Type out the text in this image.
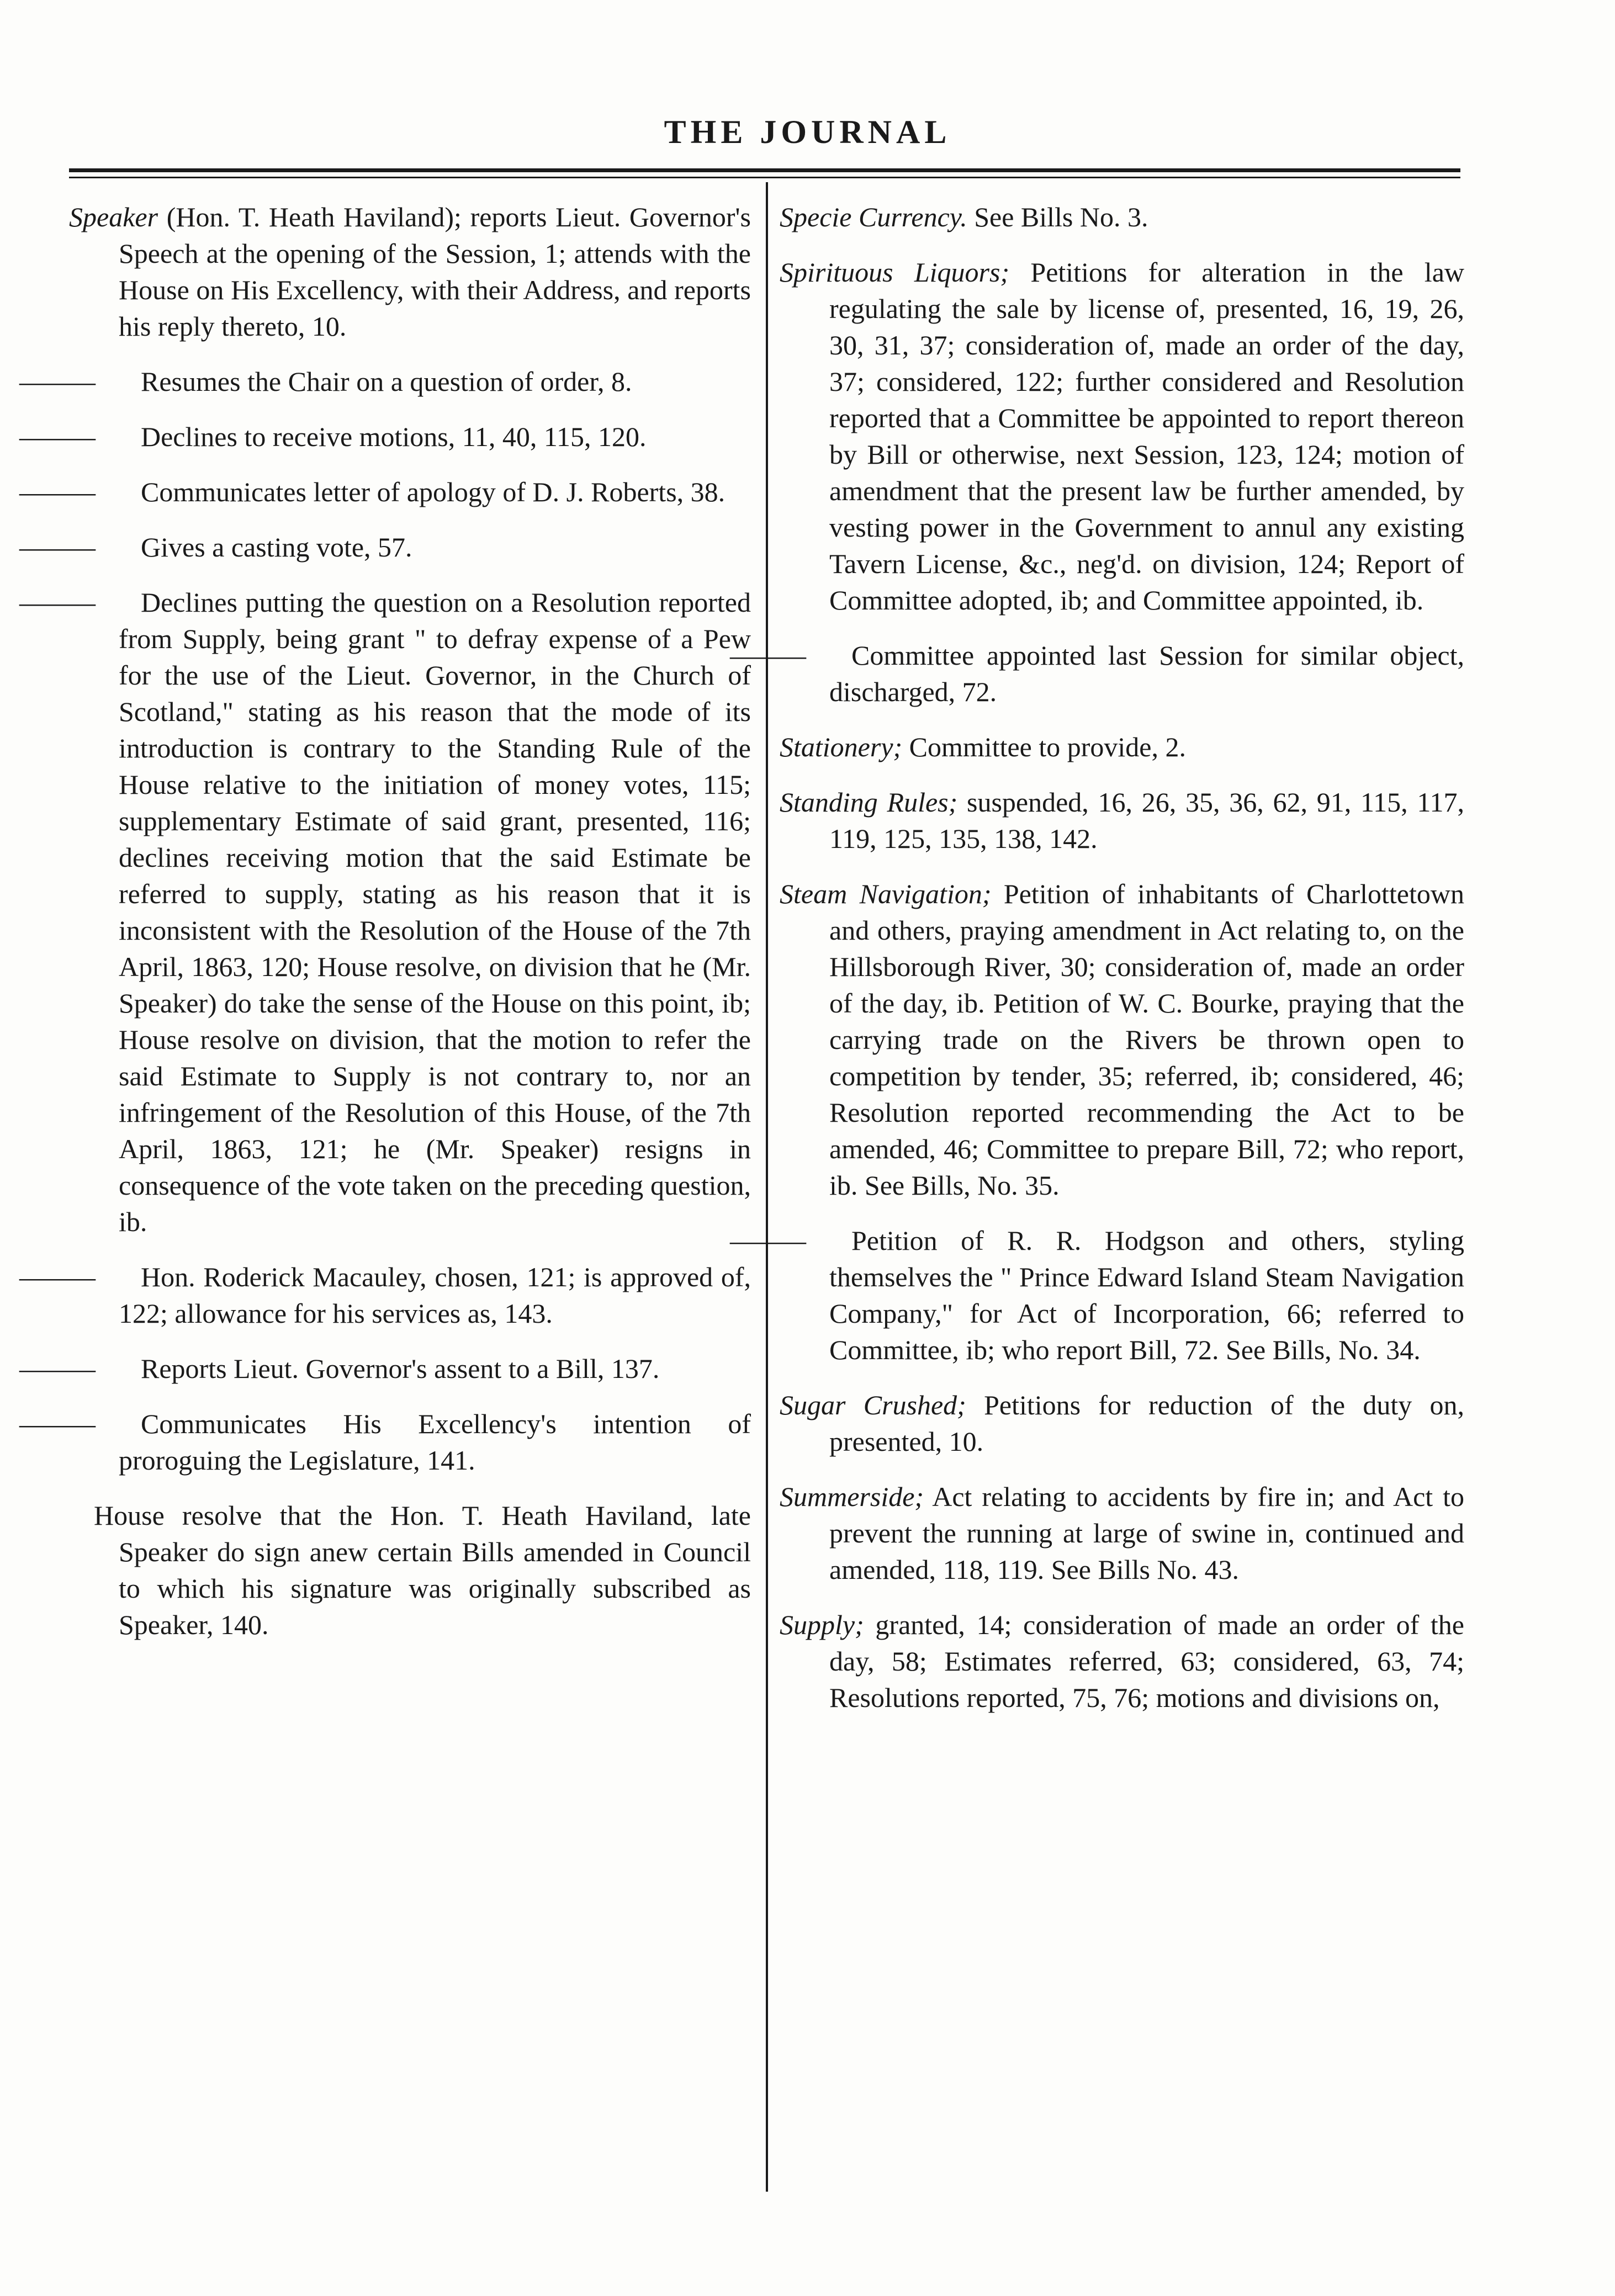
THE JOURNAL

Speaker (Hon. T. Heath Haviland); reports Lieut. Governor's Speech at the opening of the Session, 1; attends with the House on His Excellency, with their Address, and reports his reply thereto, 10.

———Resumes the Chair on a question of order, 8.

———Declines to receive motions, 11, 40, 115, 120.

———Communicates letter of apology of D. J. Roberts, 38.

———Gives a casting vote, 57.

———Declines putting the question on a Resolution reported from Supply, being grant " to defray expense of a Pew for the use of the Lieut. Governor, in the Church of Scotland," stating as his reason that the mode of its introduction is contrary to the Standing Rule of the House relative to the initiation of money votes, 115; supplementary Estimate of said grant, presented, 116; declines receiving motion that the said Estimate be referred to supply, stating as his reason that it is inconsistent with the Resolution of the House of the 7th April, 1863, 120; House resolve, on division that he (Mr. Speaker) do take the sense of the House on this point, ib; House resolve on division, that the motion to refer the said Estimate to Supply is not contrary to, nor an infringement of the Resolution of this House, of the 7th April, 1863, 121; he (Mr. Speaker) resigns in consequence of the vote taken on the preceding question, ib.

———Hon. Roderick Macauley, chosen, 121; is approved of, 122; allowance for his services as, 143.

———Reports Lieut. Governor's assent to a Bill, 137.

———Communicates His Excellency's intention of proroguing the Legislature, 141.

House resolve that the Hon. T. Heath Haviland, late Speaker do sign anew certain Bills amended in Council to which his signature was originally subscribed as Speaker, 140.

Specie Currency. See Bills No. 3.

Spirituous Liquors; Petitions for alteration in the law regulating the sale by license of, presented, 16, 19, 26, 30, 31, 37; consideration of, made an order of the day, 37; considered, 122; further considered and Resolution reported that a Committee be appointed to report thereon by Bill or otherwise, next Session, 123, 124; motion of amendment that the present law be further amended, by vesting power in the Government to annul any existing Tavern License, &c., neg'd. on division, 124; Report of Committee adopted, ib; and Committee appointed, ib.

———Committee appointed last Session for similar object, discharged, 72.

Stationery; Committee to provide, 2.

Standing Rules; suspended, 16, 26, 35, 36, 62, 91, 115, 117, 119, 125, 135, 138, 142.

Steam Navigation; Petition of inhabitants of Charlottetown and others, praying amendment in Act relating to, on the Hillsborough River, 30; consideration of, made an order of the day, ib. Petition of W. C. Bourke, praying that the carrying trade on the Rivers be thrown open to competition by tender, 35; referred, ib; considered, 46; Resolution reported recommending the Act to be amended, 46; Committee to prepare Bill, 72; who report, ib. See Bills, No. 35.

———Petition of R. R. Hodgson and others, styling themselves the " Prince Edward Island Steam Navigation Company," for Act of Incorporation, 66; referred to Committee, ib; who report Bill, 72. See Bills, No. 34.

Sugar Crushed; Petitions for reduction of the duty on, presented, 10.

Summerside; Act relating to accidents by fire in; and Act to prevent the running at large of swine in, continued and amended, 118, 119. See Bills No. 43.

Supply; granted, 14; consideration of made an order of the day, 58; Estimates referred, 63; considered, 63, 74; Resolutions reported, 75, 76; motions and divisions on,
